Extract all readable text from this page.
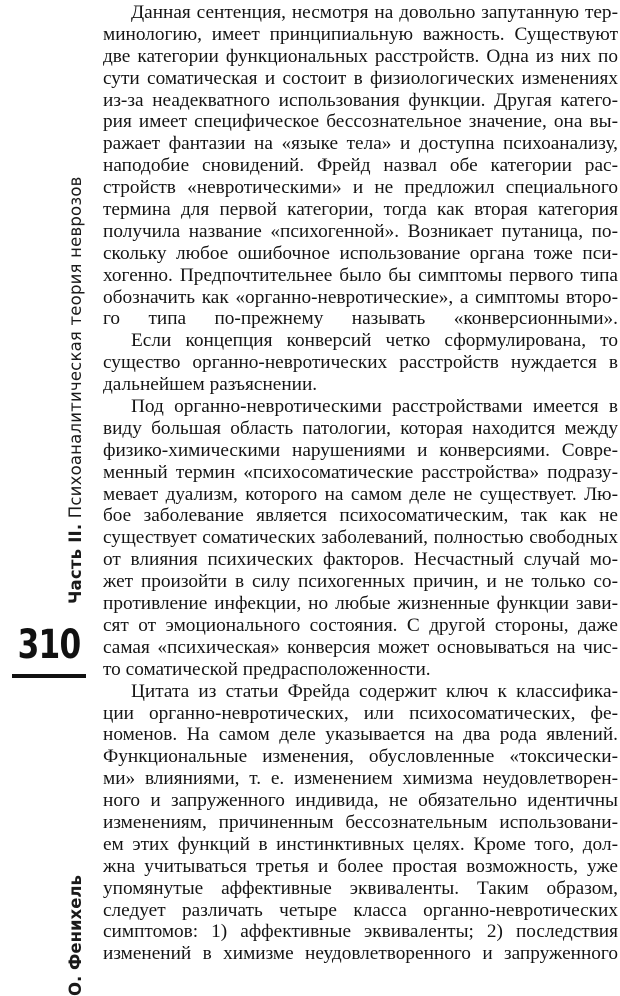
Часть II. Психоаналитическая теория неврозов
310
О. Фенихель
Данная сентенция, несмотря на довольно запутанную тер-
минологию, имеет принципиальную важность. Существуют
две категории функциональных расстройств. Одна из них по
сути соматическая и состоит в физиологических изменениях
из-за неадекватного использования функции. Другая катего-
рия имеет специфическое бессознательное значение, она вы-
ражает фантазии на «языке тела» и доступна психоанализу,
наподобие сновидений. Фрейд назвал обе категории рас-
стройств «невротическими» и не предложил специального
термина для первой категории, тогда как вторая категория
получила название «психогенной». Возникает путаница, по-
скольку любое ошибочное использование органа тоже пси-
хогенно. Предпочтительнее было бы симптомы первого типа
обозначить как «органно-невротические», а симптомы второ-
го типа по-прежнему называть «конверсионными».
Если концепция конверсий четко сформулирована, то
существо органно-невротических расстройств нуждается в
дальнейшем разъяснении.
Под органно-невротическими расстройствами имеется в
виду большая область патологии, которая находится между
физико-химическими нарушениями и конверсиями. Совре-
менный термин «психосоматические расстройства» подразу-
мевает дуализм, которого на самом деле не существует. Лю-
бое заболевание является психосоматическим, так как не
существует соматических заболеваний, полностью свободных
от влияния психических факторов. Несчастный случай мо-
жет произойти в силу психогенных причин, и не только со-
противление инфекции, но любые жизненные функции зави-
сят от эмоционального состояния. С другой стороны, даже
самая «психическая» конверсия может основываться на чис-
то соматической предрасположенности.
Цитата из статьи Фрейда содержит ключ к классифика-
ции органно-невротических, или психосоматических, фе-
номенов. На самом деле указывается на два рода явлений.
Функциональные изменения, обусловленные «токсически-
ми» влияниями, т. е. изменением химизма неудовлетворен-
ного и запруженного индивида, не обязательно идентичны
изменениям, причиненным бессознательным использовани-
ем этих функций в инстинктивных целях. Кроме того, дол-
жна учитываться третья и более простая возможность, уже
упомянутые аффективные эквиваленты. Таким образом,
следует различать четыре класса органно-невротических
симптомов: 1) аффективные эквиваленты; 2) последствия
изменений в химизме неудовлетворенного и запруженного
